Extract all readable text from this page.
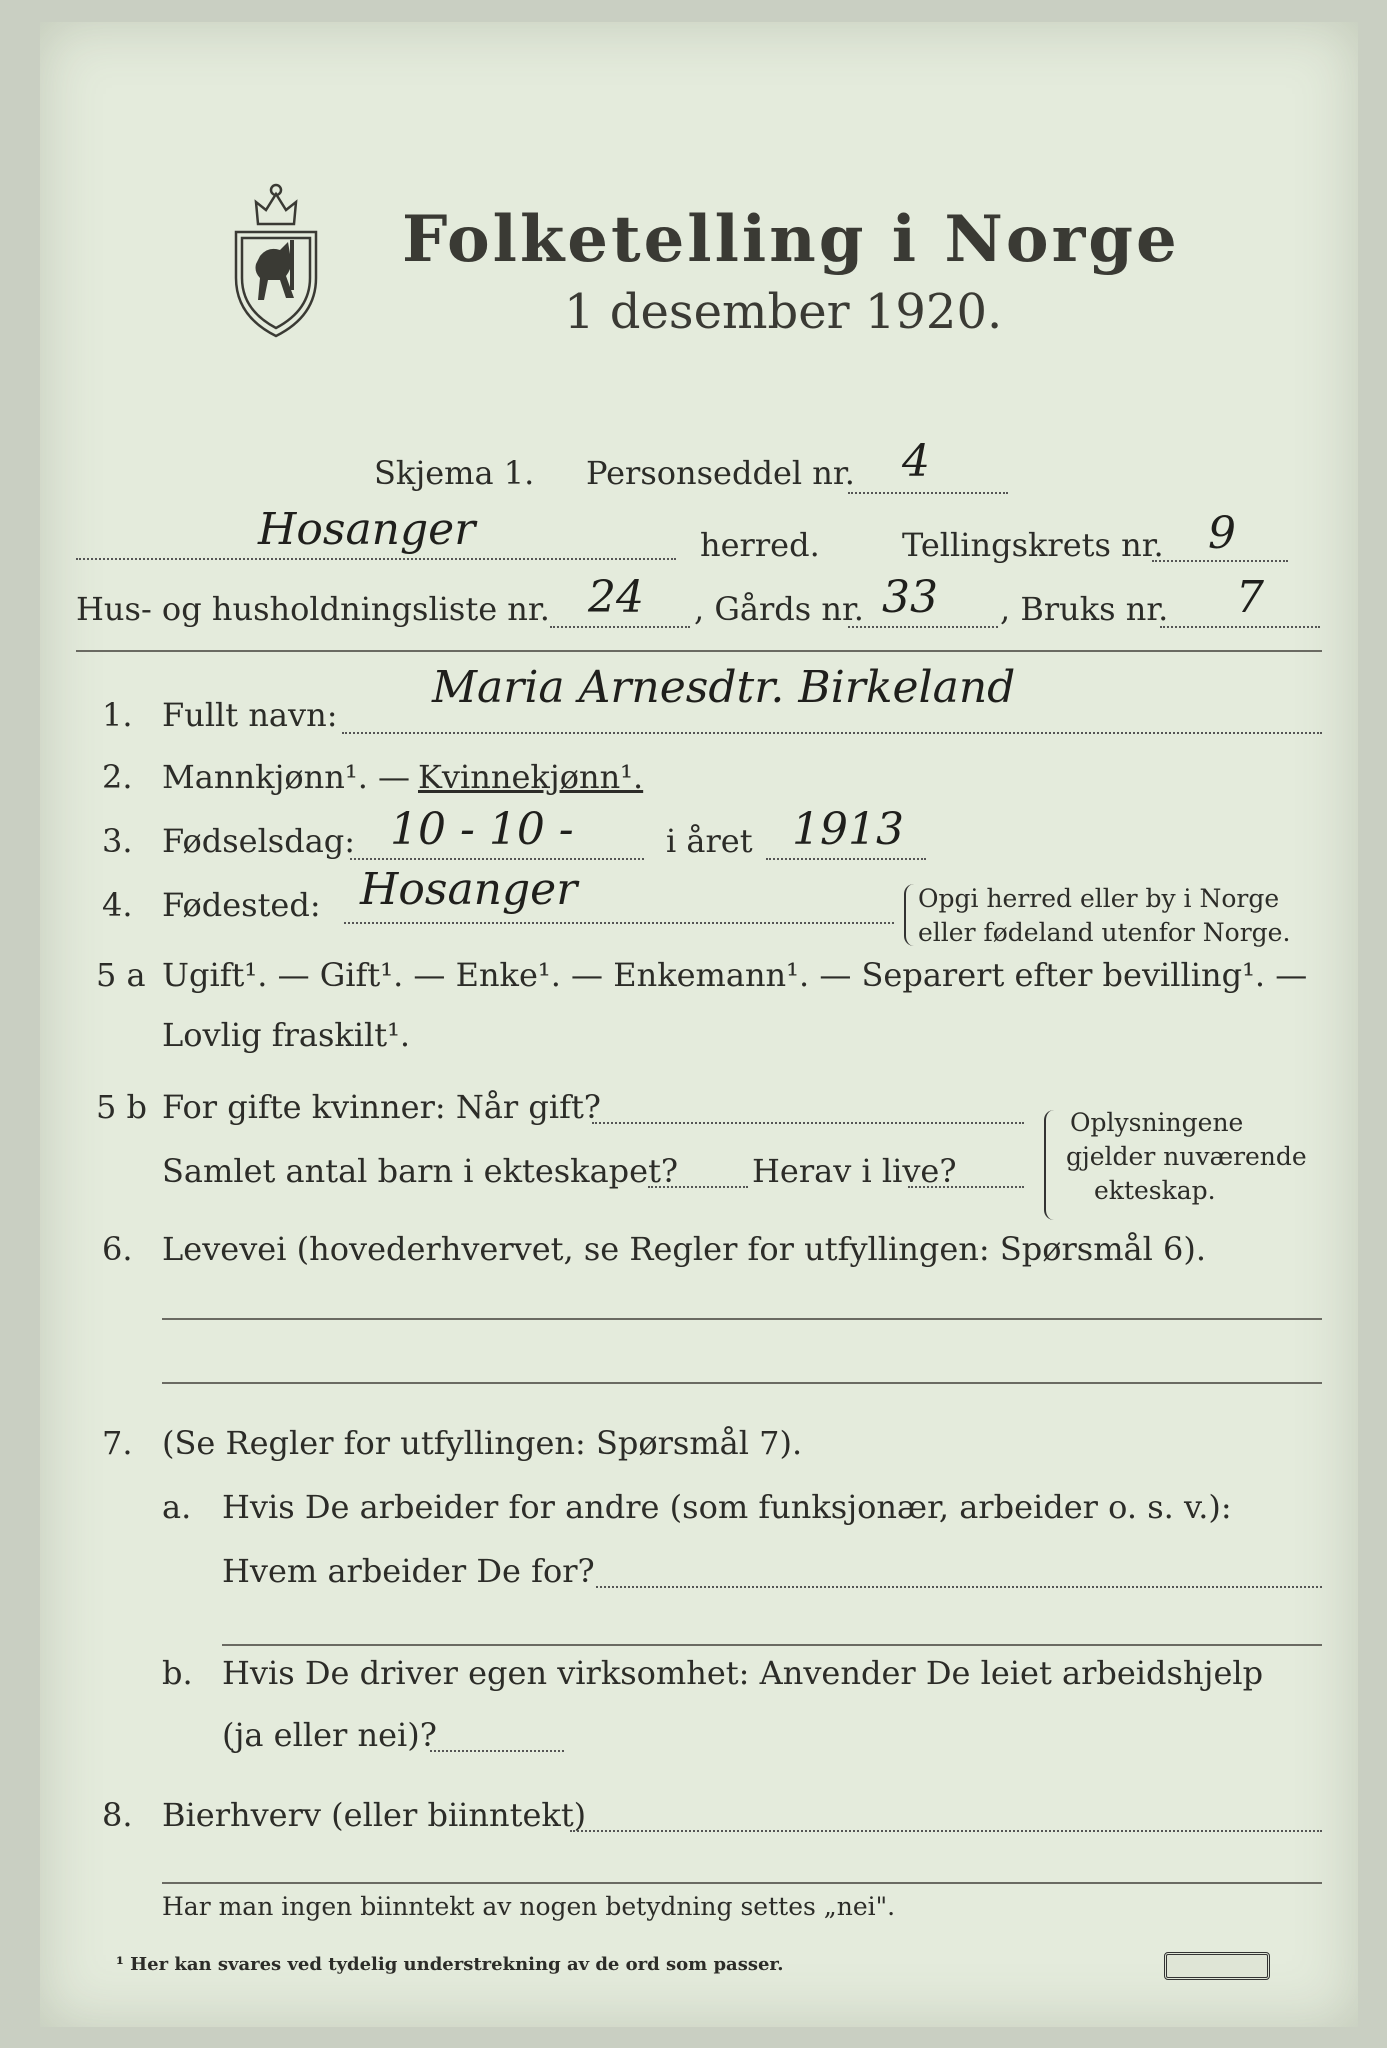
Folketelling i Norge
1 desember 1920.
Skjema 1. Personseddel nr. 4
Hosanger	herred.	Tellingskrets nr. 9
Hus- og husholdningsliste nr. 24 , Gårds nr. 33 , Bruks nr. 7
1. Fullt navn:
Maria Arnesdtr. Birkeland
2. Mannkjønn¹. — Kvinnekjønn¹.
3. Fødselsdag: 10 - 10 -	i året 1913
4. Fødested: Hosanger	Opgi herred eller by i Norge
eller fødeland utenfor Norge.
5 a Ugift¹. — Gift¹. — Enke¹. — Enkemann¹. — Separert efter bevilling¹. —
Lovlig fraskilt¹.
5 b For gifte kvinner: Når gift?
Samlet antal barn i ekteskapet? Herav i live?
Oplysningene
gjelder nuværende
ekteskap.
6. Levevei (hovederhvervet, se Regler for utfyllingen: Spørsmål 6).
7. (Se Regler for utfyllingen: Spørsmål 7).
a. Hvis De arbeider for andre (som funksjonær, arbeider o. s. v.):
Hvem arbeider De for?
b. Hvis De driver egen virksomhet: Anvender De leiet arbeidshjelp
(ja eller nei)?
8. Bierhverv (eller biinntekt)
Har man ingen biinntekt av nogen betydning settes „nei".
¹ Her kan svares ved tydelig understrekning av de ord som passer.
